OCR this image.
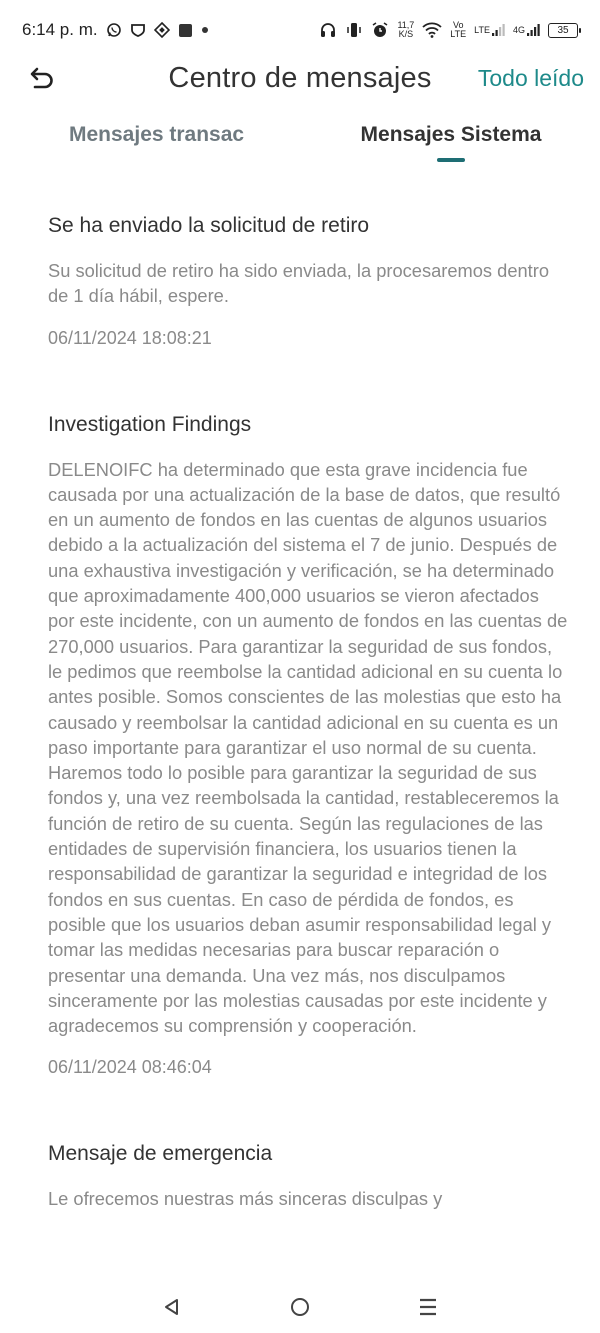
6:14 p. m.	11,7
K/S
Vo
LTE LTE	4G	35
Centro de mensajes	Todo leído
Mensajes transac	Mensajes Sistema
Se ha enviado la solicitud de retiro
Su solicitud de retiro ha sido enviada, la procesaremos dentro de 1 día hábil, espere.
06/11/2024 18:08:21
Investigation Findings
DELENOIFC ha determinado que esta grave incidencia fue causada por una actualización de la base de datos, que resultó en un aumento de fondos en las cuentas de algunos usuarios debido a la actualización del sistema el 7 de junio. Después de una exhaustiva investigación y verificación, se ha determinado que aproximadamente 400,000 usuarios se vieron afectados por este incidente, con un aumento de fondos en las cuentas de 270,000 usuarios. Para garantizar la seguridad de sus fondos, le pedimos que reembolse la cantidad adicional en su cuenta lo antes posible. Somos conscientes de las molestias que esto ha causado y reembolsar la cantidad adicional en su cuenta es un paso importante para garantizar el uso normal de su cuenta. Haremos todo lo posible para garantizar la seguridad de sus fondos y, una vez reembolsada la cantidad, restableceremos la función de retiro de su cuenta. Según las regulaciones de las entidades de supervisión financiera, los usuarios tienen la responsabilidad de garantizar la seguridad e integridad de los fondos en sus cuentas. En caso de pérdida de fondos, es posible que los usuarios deban asumir responsabilidad legal y tomar las medidas necesarias para buscar reparación o presentar una demanda. Una vez más, nos disculpamos sinceramente por las molestias causadas por este incidente y agradecemos su comprensión y cooperación.
06/11/2024 08:46:04
Mensaje de emergencia
Le ofrecemos nuestras más sinceras disculpas y
